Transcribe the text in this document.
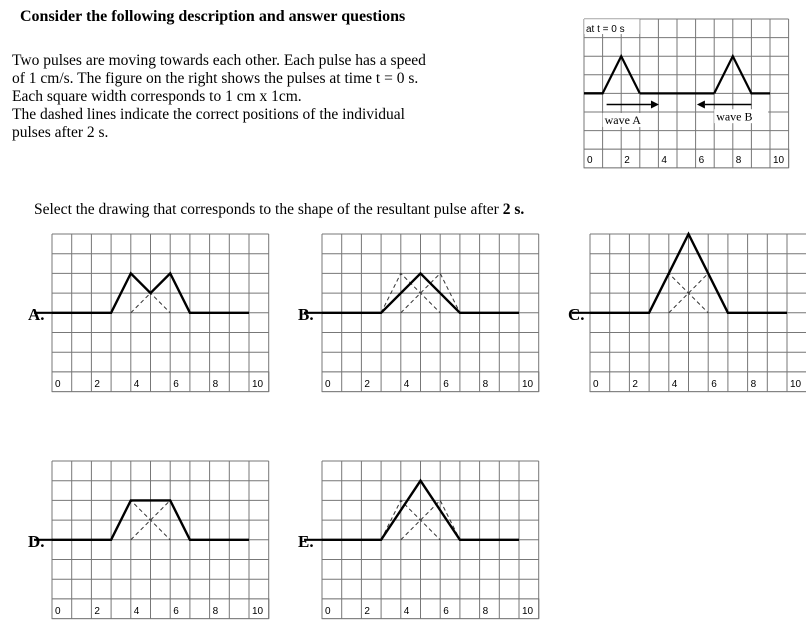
Consider the following description and answer questions
Two pulses are moving towards each other. Each pulse has a speed
of 1 cm/s. The figure on the right shows the pulses at time t = 0 s.
Each square width corresponds to 1 cm x 1cm.
The dashed lines indicate the correct positions of the individual
pulses after 2 s.
Select the drawing that corresponds to the shape of the resultant pulse after 2 s.
at t = 0 s
wave A	wave B
0	2	4	6	8	10
0	2	4	6	8	10
A.
0	2	4	6	8	10
B.
0	2	4	6	8	10
C.
0	2	4	6	8	10
D.
0	2	4	6	8	10
E.
